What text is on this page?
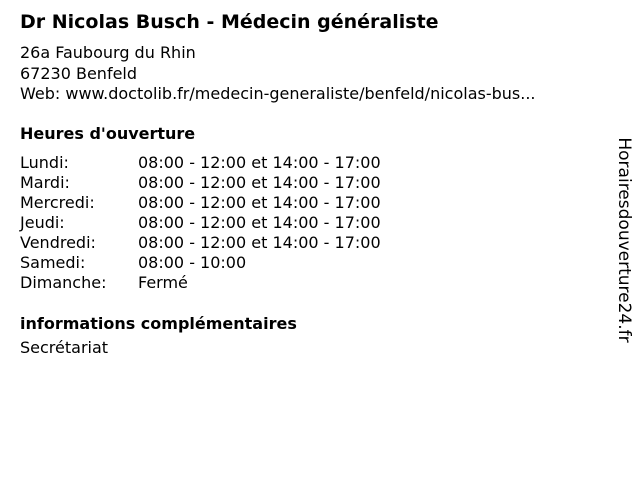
Dr Nicolas Busch - Médecin généraliste
26a Faubourg du Rhin
67230 Benfeld
Web: www.doctolib.fr/medecin-generaliste/benfeld/nicolas-bus...
Heures d'ouverture
Lundi:	08:00 - 12:00 et 14:00 - 17:00
Mardi:	08:00 - 12:00 et 14:00 - 17:00
Mercredi:	08:00 - 12:00 et 14:00 - 17:00
Jeudi:	08:00 - 12:00 et 14:00 - 17:00
Vendredi:	08:00 - 12:00 et 14:00 - 17:00
Samedi:	08:00 - 10:00
Dimanche: Fermé
informations complémentaires
Secrétariat
Horairesdouverture24.fr
